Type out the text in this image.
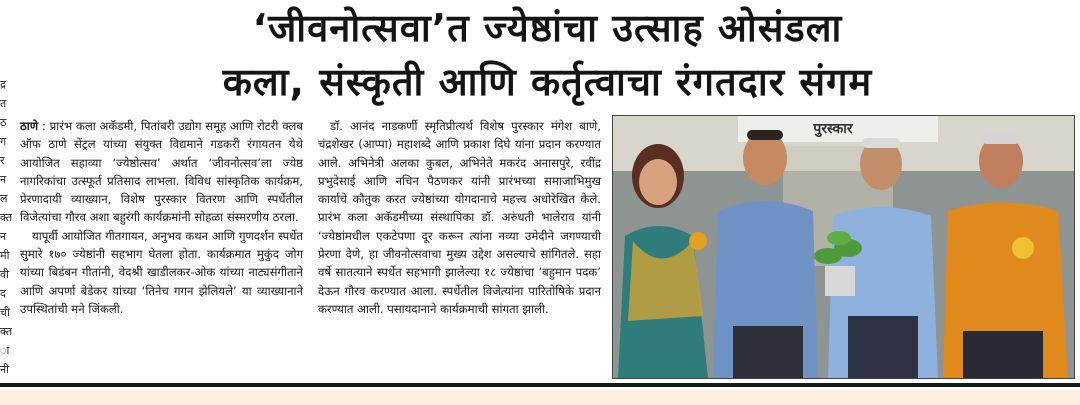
द्र
त
ठ
ग
र
न
ल
क्त
न
मी
वी
द
ची
क्त
ा
नी
‘जीवनोत्सवा’त ज्येष्ठांचा उत्साह ओसंडला
कला, संस्कृती आणि कर्तृत्वाचा रंगतदार संगम

ठाणे : प्रारंभ कला अकॅडमी, पितांबरी उद्योग समूह आणि रोटरी क्लब ऑफ ठाणे सेंट्रल यांच्या संयुक्त विद्यमाने गडकरी रंगायतन येथे आयोजित सहाव्या ‘ज्येष्ठोत्सव’ अर्थात ‘जीवनोत्सव’ला ज्येष्ठ नागरिकांचा उत्स्फूर्त प्रतिसाद लाभला. विविध सांस्कृतिक कार्यक्रम, प्रेरणादायी व्याख्यान, विशेष पुरस्कार वितरण आणि स्पर्धेतील विजेत्यांचा गौरव अशा बहुरंगी कार्यक्रमांनी सोहळा संस्मरणीय ठरला.

यापूर्वी आयोजित गीतगायन, अनुभव कथन आणि गुणदर्शन स्पर्धेत सुमारे १७० ज्येष्ठांनी सहभाग घेतला होता. कार्यक्रमात मुकुंद जोग यांच्या बिडंबन गीतांनी, वेदश्री खाडीलकर-ओक यांच्या नाट्यसंगीताने आणि अपर्णा बेडेकर यांच्या ‘तिनेच गगन झेलियले’ या व्याख्यानाने उपस्थितांची मने जिंकली.

डॉ. आनंद नाडकर्णी स्मृतिप्रीत्यर्थ विशेष पुरस्कार मंगेश बाणे, चंद्रशेखर (आप्पा) महाशब्दे आणि प्रकाश दिघे यांना प्रदान करण्यात आले. अभिनेत्री अलका कुबल, अभिनेते मकरंद अनासपुरे, रवींद्र प्रभुदेसाई आणि नचिन पैठणकर यांनी प्रारंभच्या समाजाभिमुख कार्याचे कौतुक करत ज्येष्ठांच्या योगदानाचे महत्त्व अधोरेखित केले. प्रारंभ कला अकॅडमीच्या संस्थापिका डॉ. अरुंधती भालेराव यांनी ‘ज्येष्ठांमधील एकटेपणा दूर करून त्यांना नव्या उमेदीने जगण्याची प्रेरणा देणे, हा जीवनोत्सवाचा मुख्य उद्देश असल्याचे सांगितले. सहा वर्षे सातत्याने स्पर्धेत सहभागी झालेल्या १८ ज्येष्ठांचा ‘बहुमान पदक’ देऊन गौरव करण्यात आला. स्पर्धेतील विजेत्यांना पारितोषिके प्रदान करण्यात आली. पसायदानाने कार्यक्रमाची सांगता झाली.

पुरस्कार
